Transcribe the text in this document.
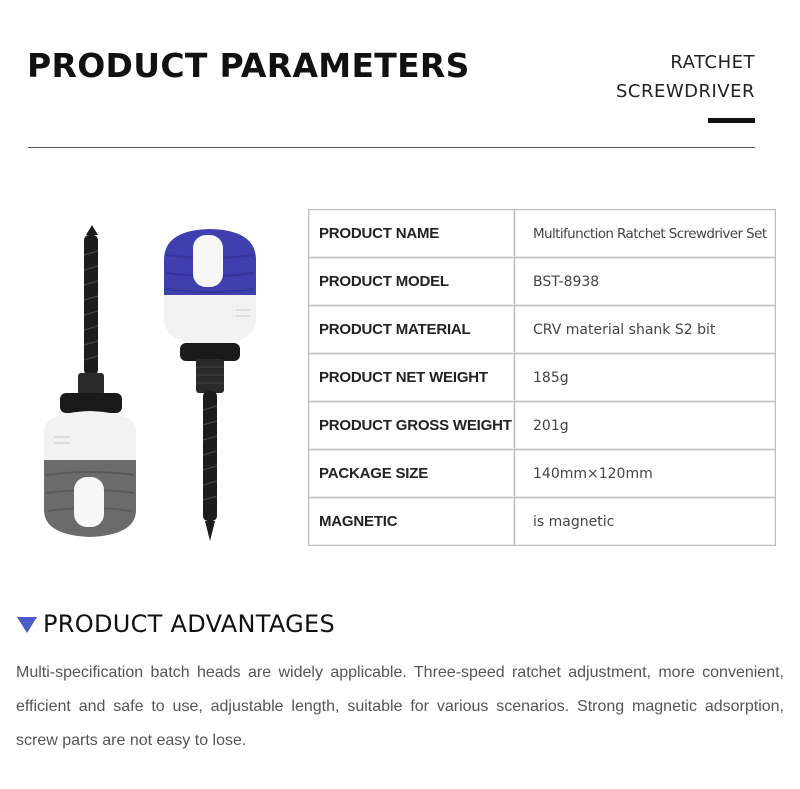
PRODUCT PARAMETERS	RATCHET
SCREWDRIVER
PRODUCT NAME	Multifunction Ratchet Screwdriver Set
PRODUCT MODEL	BST-8938
PRODUCT MATERIAL	CRV material shank S2 bit
PRODUCT NET WEIGHT	185g
PRODUCT GROSS WEIGHT	201g
PACKAGE SIZE	140mm×120mm
MAGNETIC	is magnetic
PRODUCT ADVANTAGES

Multi-specification batch heads are widely applicable. Three-speed ratchet adjustment, more convenient, efficient and safe to use, adjustable length, suitable for various scenarios. Strong magnetic adsorption, screw parts are not easy to lose.
